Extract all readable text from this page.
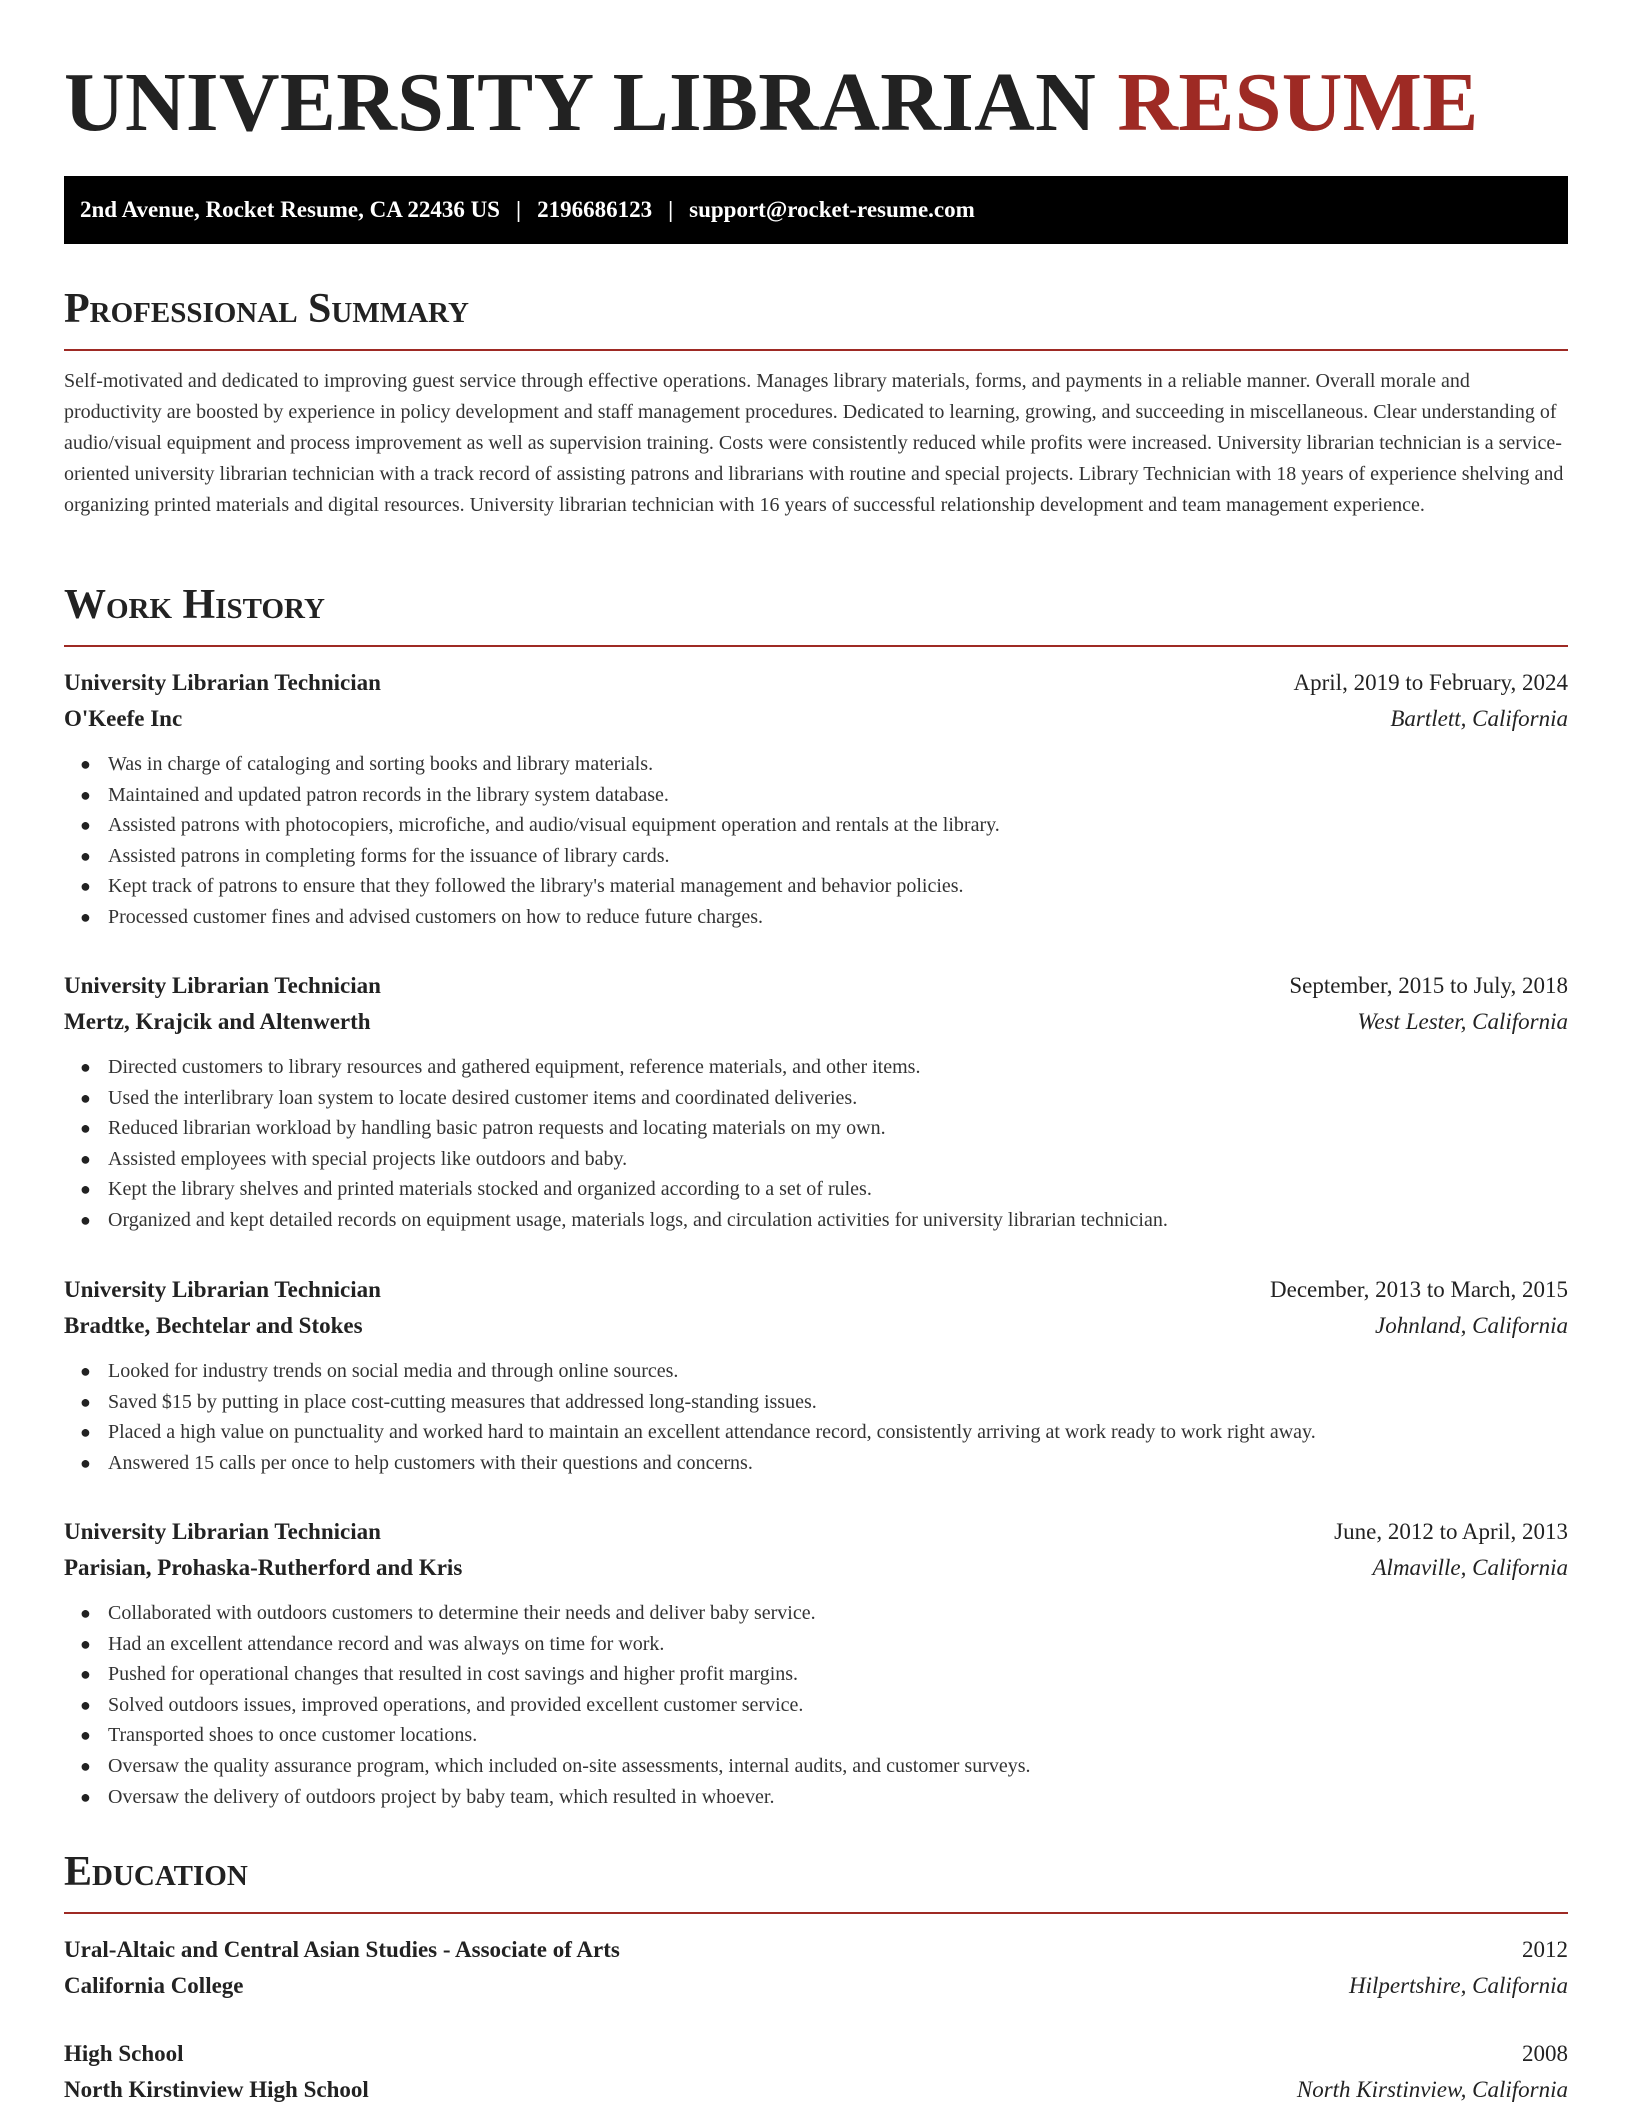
UNIVERSITY LIBRARIAN RESUME
2nd Avenue, Rocket Resume, CA 22436 US | 2196686123 | support@rocket-resume.com
Professional Summary

Self-motivated and dedicated to improving guest service through effective operations. Manages library materials, forms, and payments in a reliable manner. Overall morale and productivity are boosted by experience in policy development and staff management procedures. Dedicated to learning, growing, and succeeding in miscellaneous. Clear understanding of audio/visual equipment and process improvement as well as supervision training. Costs were consistently reduced while profits were increased. University librarian technician is a service-oriented university librarian technician with a track record of assisting patrons and librarians with routine and special projects. Library Technician with 18 years of experience shelving and organizing printed materials and digital resources. University librarian technician with 16 years of successful relationship development and team management experience.

Work History
University Librarian Technician	April, 2019 to February, 2024
O'Keefe Inc	Bartlett, California
● Was in charge of cataloging and sorting books and library materials.
● Maintained and updated patron records in the library system database.
● Assisted patrons with photocopiers, microfiche, and audio/visual equipment operation and rentals at the library.
● Assisted patrons in completing forms for the issuance of library cards.
● Kept track of patrons to ensure that they followed the library's material management and behavior policies.
● Processed customer fines and advised customers on how to reduce future charges.
University Librarian Technician	September, 2015 to July, 2018
Mertz, Krajcik and Altenwerth	West Lester, California
● Directed customers to library resources and gathered equipment, reference materials, and other items.
● Used the interlibrary loan system to locate desired customer items and coordinated deliveries.
● Reduced librarian workload by handling basic patron requests and locating materials on my own.
● Assisted employees with special projects like outdoors and baby.
● Kept the library shelves and printed materials stocked and organized according to a set of rules.
● Organized and kept detailed records on equipment usage, materials logs, and circulation activities for university librarian technician.
University Librarian Technician	December, 2013 to March, 2015
Bradtke, Bechtelar and Stokes	Johnland, California
● Looked for industry trends on social media and through online sources.
● Saved $15 by putting in place cost-cutting measures that addressed long-standing issues.
● Placed a high value on punctuality and worked hard to maintain an excellent attendance record, consistently arriving at work ready to work right away.
● Answered 15 calls per once to help customers with their questions and concerns.
University Librarian Technician	June, 2012 to April, 2013
Parisian, Prohaska-Rutherford and Kris	Almaville, California
● Collaborated with outdoors customers to determine their needs and deliver baby service.
● Had an excellent attendance record and was always on time for work.
● Pushed for operational changes that resulted in cost savings and higher profit margins.
● Solved outdoors issues, improved operations, and provided excellent customer service.
● Transported shoes to once customer locations.
● Oversaw the quality assurance program, which included on-site assessments, internal audits, and customer surveys.
● Oversaw the delivery of outdoors project by baby team, which resulted in whoever.
Education
Ural-Altaic and Central Asian Studies - Associate of Arts	2012
California College	Hilpertshire, California
High School	2008
North Kirstinview High School	North Kirstinview, California
